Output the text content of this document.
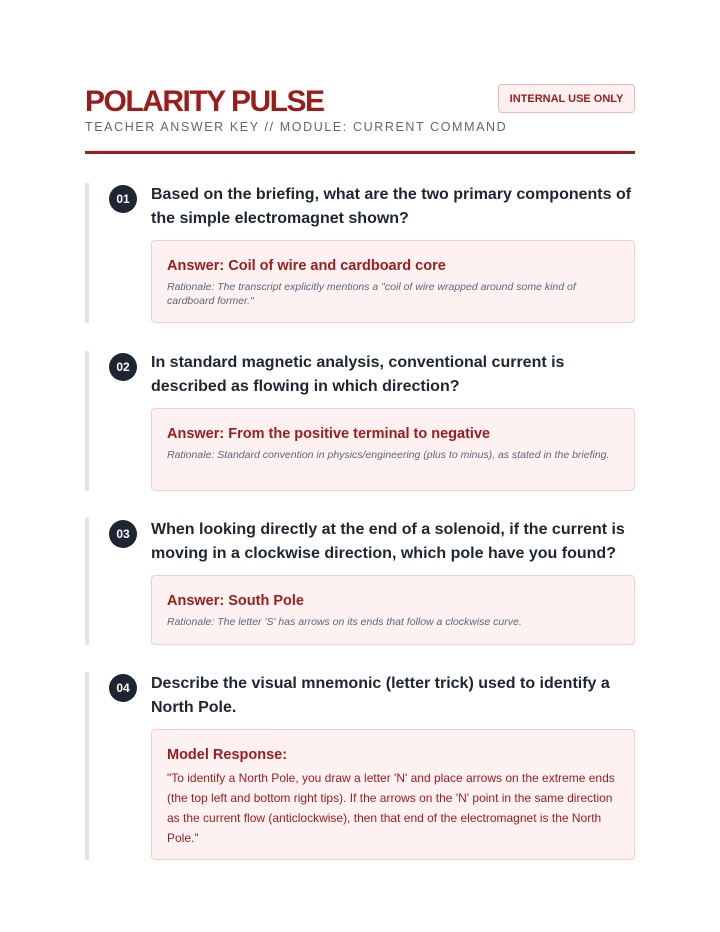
POLARITY PULSE
TEACHER ANSWER KEY // MODULE: CURRENT COMMAND
INTERNAL USE ONLY
01	Based on the briefing, what are the two primary components of the simple electromagnet shown?
Answer: Coil of wire and cardboard core
Rationale: The transcript explicitly mentions a "coil of wire wrapped around some kind of cardboard former."
02	In standard magnetic analysis, conventional current is described as flowing in which direction?
Answer: From the positive terminal to negative
Rationale: Standard convention in physics/engineering (plus to minus), as stated in the briefing.
03	When looking directly at the end of a solenoid, if the current is moving in a clockwise direction, which pole have you found?
Answer: South Pole
Rationale: The letter 'S' has arrows on its ends that follow a clockwise curve.
04	Describe the visual mnemonic (letter trick) used to identify a North Pole.
Model Response:
"To identify a North Pole, you draw a letter 'N' and place arrows on the extreme ends (the top left and bottom right tips). If the arrows on the 'N' point in the same direction as the current flow (anticlockwise), then that end of the electromagnet is the North Pole."
